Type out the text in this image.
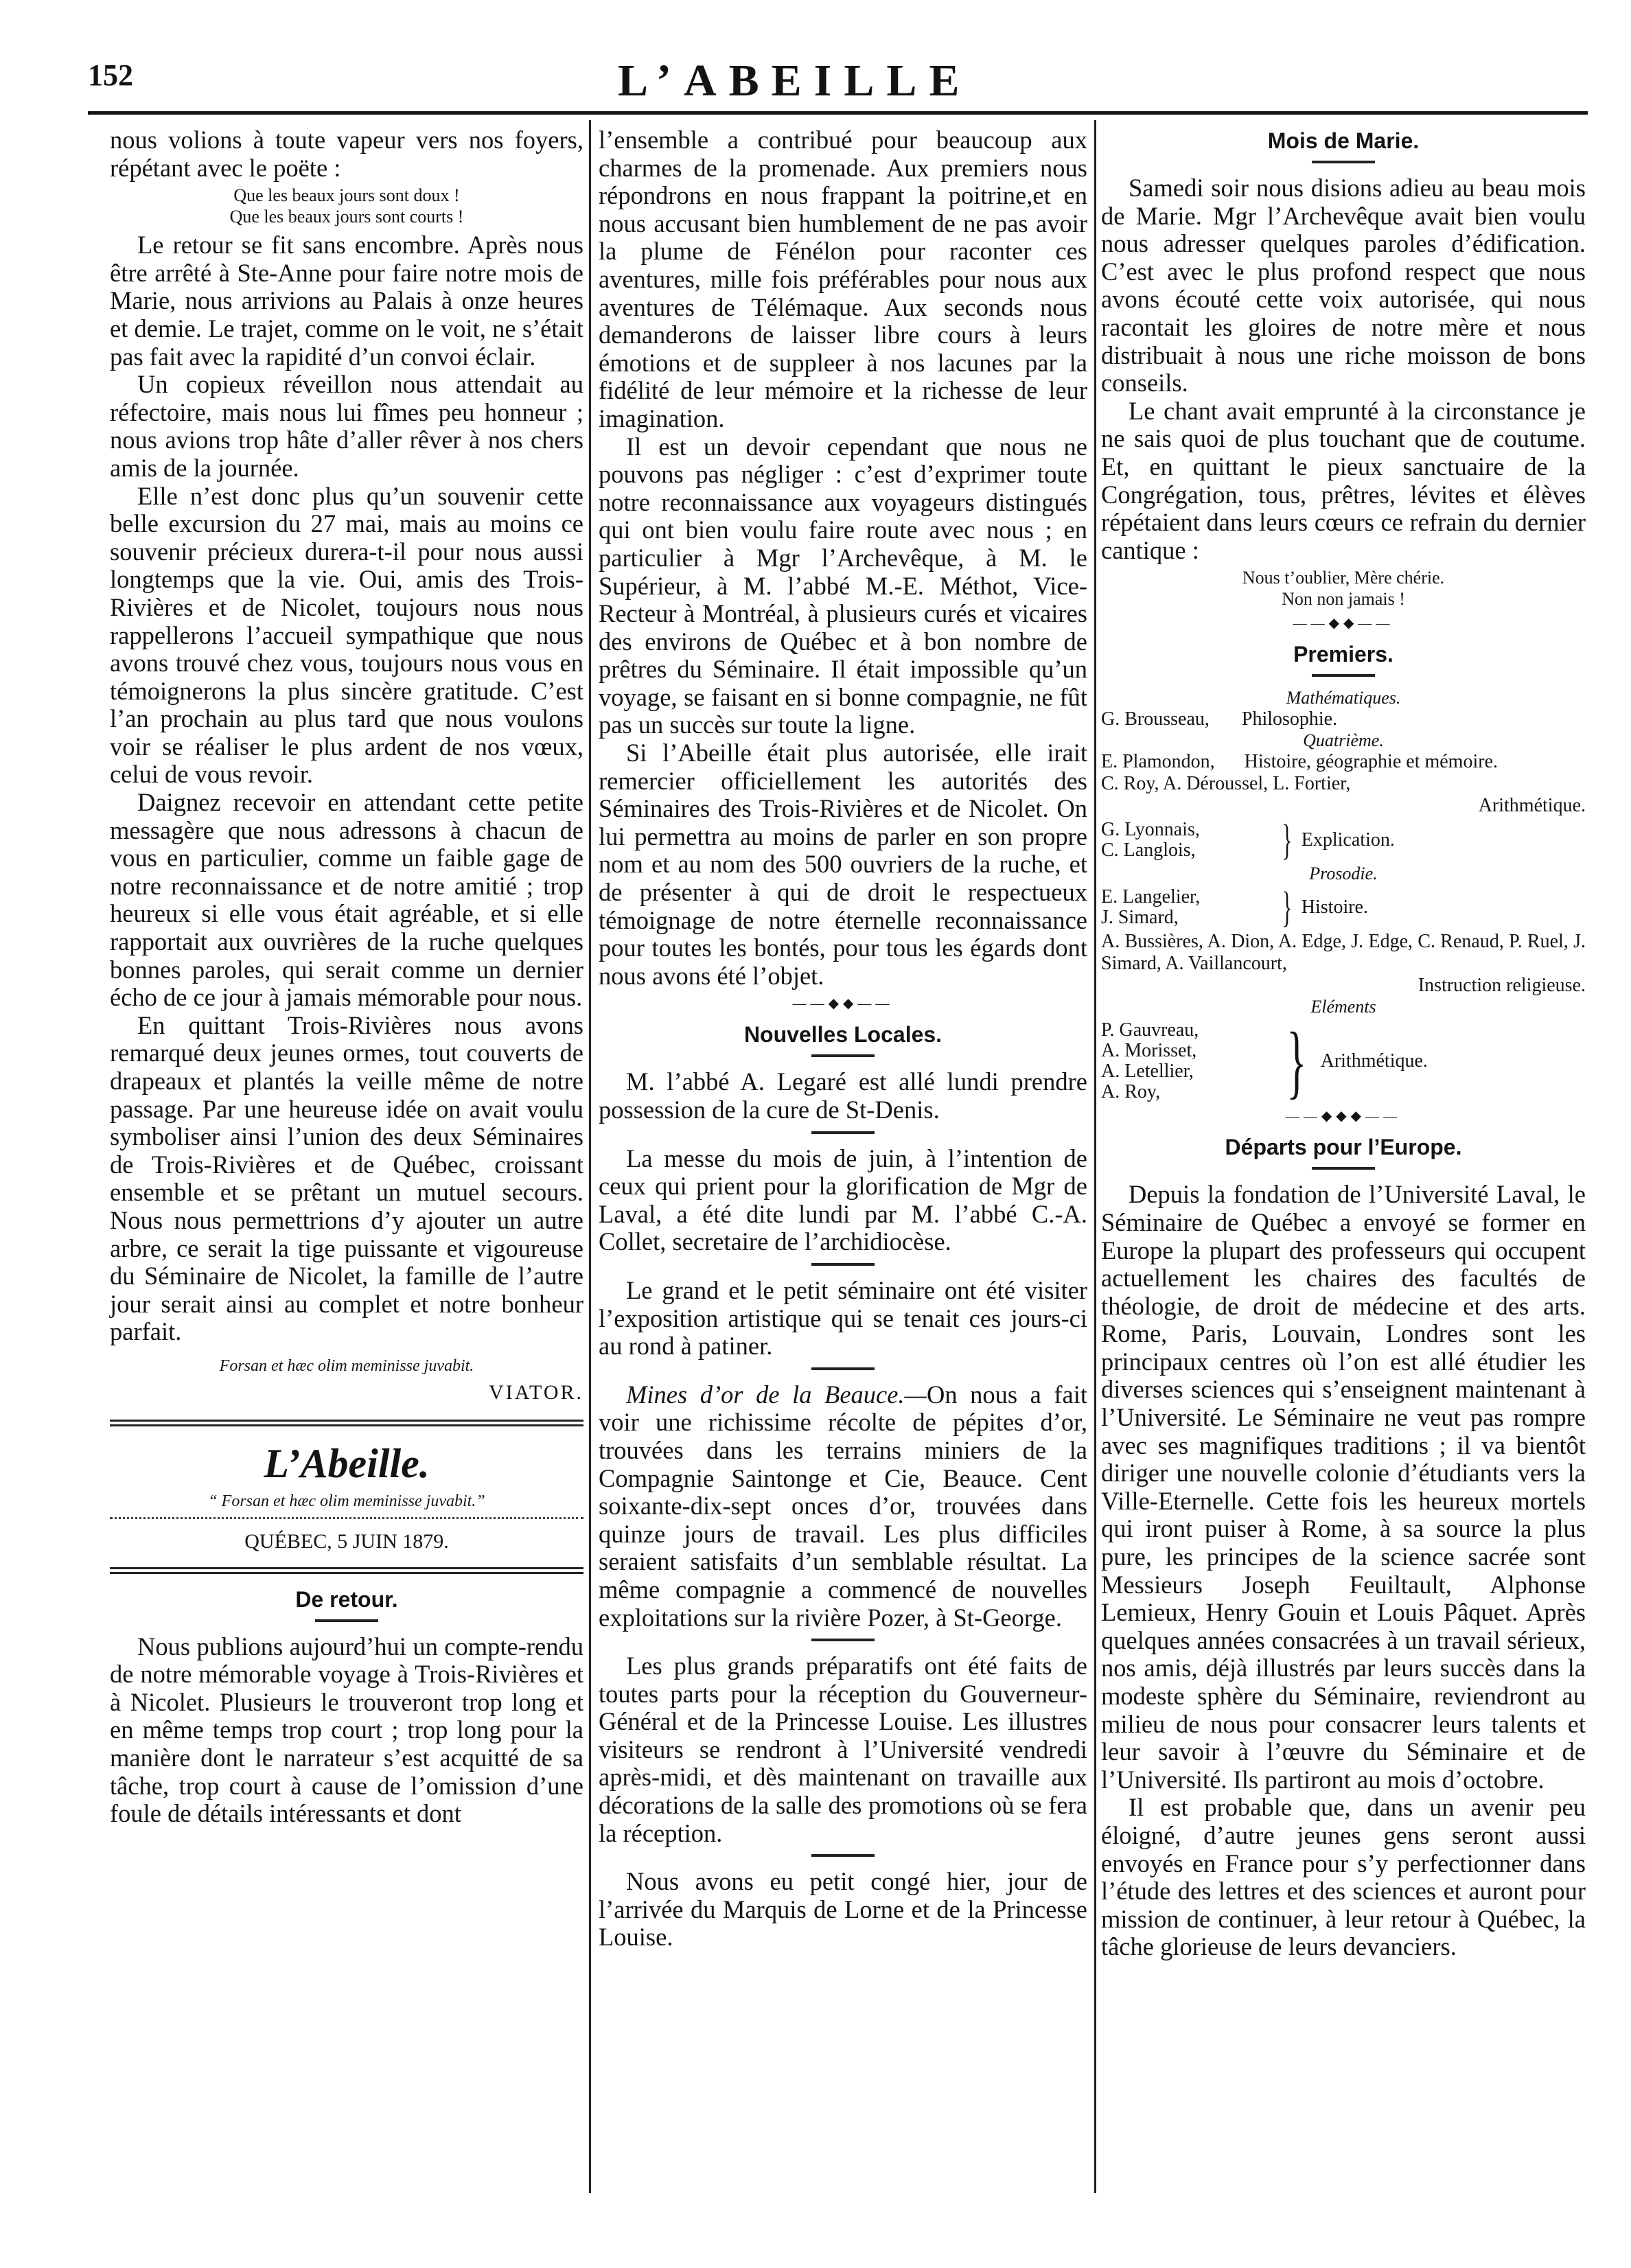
152	L’ABEILLE

nous volions à toute vapeur vers nos foyers, répétant avec le poëte :

Que les beaux jours sont doux !
Que les beaux jours sont courts !

Le retour se fit sans encombre. Après nous être arrêté à Ste-Anne pour faire notre mois de Marie, nous arrivions au Palais à onze heures et demie. Le trajet, comme on le voit, ne s’était pas fait avec la rapidité d’un convoi éclair.

Un copieux réveillon nous attendait au réfectoire, mais nous lui fîmes peu honneur ; nous avions trop hâte d’aller rêver à nos chers amis de la journée.

Elle n’est donc plus qu’un souvenir cette belle excursion du 27 mai, mais au moins ce souvenir précieux durera-t-il pour nous aussi longtemps que la vie. Oui, amis des Trois-Rivières et de Nicolet, toujours nous nous rappellerons l’accueil sympathique que nous avons trouvé chez vous, toujours nous vous en témoignerons la plus sincère gratitude. C’est l’an prochain au plus tard que nous voulons voir se réaliser le plus ardent de nos vœux, celui de vous revoir.

Daignez recevoir en attendant cette petite messagère que nous adressons à chacun de vous en particulier, comme un faible gage de notre reconnaissance et de notre amitié ; trop heureux si elle vous était agréable, et si elle rapportait aux ouvrières de la ruche quelques bonnes paroles, qui serait comme un dernier écho de ce jour à jamais mémorable pour nous.

En quittant Trois-Rivières nous avons remarqué deux jeunes ormes, tout couverts de drapeaux et plantés la veille même de notre passage. Par une heureuse idée on avait voulu symboliser ainsi l’union des deux Séminaires de Trois-Rivières et de Québec, croissant ensemble et se prêtant un mutuel secours. Nous nous permettrions d’y ajouter un autre arbre, ce serait la tige puissante et vigoureuse du Séminaire de Nicolet, la famille de l’autre jour serait ainsi au complet et notre bonheur parfait.

Forsan et hæc olim meminisse juvabit.
VIATOR.
L’Abeille.
“ Forsan et hæc olim meminisse juvabit.”
QUÉBEC, 5 JUIN 1879.
De retour.

Nous publions aujourd’hui un compte-rendu de notre mémorable voyage à Trois-Rivières et à Nicolet. Plusieurs le trouveront trop long et en même temps trop court ; trop long pour la manière dont le narrateur s’est acquitté de sa tâche, trop court à cause de l’omission d’une foule de détails intéressants et dont

l’ensemble a contribué pour beaucoup aux charmes de la promenade. Aux premiers nous répondrons en nous frappant la poitrine,et en nous accusant bien humblement de ne pas avoir la plume de Fénélon pour raconter ces aventures, mille fois préférables pour nous aux aventures de Télémaque. Aux seconds nous demanderons de laisser libre cours à leurs émotions et de suppleer à nos lacunes par la fidélité de leur mémoire et la richesse de leur imagination.

Il est un devoir cependant que nous ne pouvons pas négliger : c’est d’exprimer toute notre reconnaissance aux voyageurs distingués qui ont bien voulu faire route avec nous ; en particulier à Mgr l’Archevêque, à M. le Supérieur, à M. l’abbé M.-E. Méthot, Vice-Recteur à Montréal, à plusieurs curés et vicaires des environs de Québec et à bon nombre de prêtres du Séminaire. Il était impossible qu’un voyage, se faisant en si bonne compagnie, ne fût pas un succès sur toute la ligne.

Si l’Abeille était plus autorisée, elle irait remercier officiellement les autorités des Séminaires des Trois-Rivières et de Nicolet. On lui permettra au moins de parler en son propre nom et au nom des 500 ouvriers de la ruche, et de présenter à qui de droit le respectueux témoignage de notre éternelle reconnaissance pour toutes les bontés, pour tous les égards dont nous avons été l’objet.

——◆◆——
Nouvelles Locales.

M. l’abbé A. Legaré est allé lundi prendre possession de la cure de St-Denis.

La messe du mois de juin, à l’intention de ceux qui prient pour la glorification de Mgr de Laval, a été dite lundi par M. l’abbé C.-A. Collet, secretaire de l’archidiocèse.

Le grand et le petit séminaire ont été visiter l’exposition artistique qui se tenait ces jours-ci au rond à patiner.

Mines d’or de la Beauce.—On nous a fait voir une richissime récolte de pépites d’or, trouvées dans les terrains miniers de la Compagnie Saintonge et Cie, Beauce. Cent soixante-dix-sept onces d’or, trouvées dans quinze jours de travail. Les plus difficiles seraient satisfaits d’un semblable résultat. La même compagnie a commencé de nouvelles exploitations sur la rivière Pozer, à St-George.

Les plus grands préparatifs ont été faits de toutes parts pour la réception du Gouverneur-Général et de la Princesse Louise. Les illustres visiteurs se rendront à l’Université vendredi après-midi, et dès maintenant on travaille aux décorations de la salle des promotions où se fera la réception.

Nous avons eu petit congé hier, jour de l’arrivée du Marquis de Lorne et de la Princesse Louise.

Mois de Marie.

Samedi soir nous disions adieu au beau mois de Marie. Mgr l’Archevêque avait bien voulu nous adresser quelques paroles d’édification. C’est avec le plus profond respect que nous avons écouté cette voix autorisée, qui nous racontait les gloires de notre mère et nous distribuait à nous une riche moisson de bons conseils.

Le chant avait emprunté à la circonstance je ne sais quoi de plus touchant que de coutume. Et, en quittant le pieux sanctuaire de la Congrégation, tous, prêtres, lévites et élèves répétaient dans leurs cœurs ce refrain du dernier cantique :

Nous t’oublier, Mère chérie.
Non non jamais !
——◆◆——
Premiers.
Mathématiques.
G. Brousseau, Philosophie.
Quatrième.
E. Plamondon, Histoire, géographie et mémoire.
C. Roy, A. Déroussel, L. Fortier,
Arithmétique.
G. Lyonnais,
C. Langlois,	} Explication.
Prosodie.
E. Langelier,
J. Simard,	} Histoire.
A. Bussières, A. Dion, A. Edge, J. Edge, C. Renaud, P. Ruel, J. Simard, A. Vaillancourt,
Instruction religieuse.
Eléments
P. Gauvreau,
A. Morisset,
A. Letellier,
A. Roy,	} Arithmétique.
——◆◆◆——
Départs pour l’Europe.

Depuis la fondation de l’Université Laval, le Séminaire de Québec a envoyé se former en Europe la plupart des professeurs qui occupent actuellement les chaires des facultés de théologie, de droit de médecine et des arts. Rome, Paris, Louvain, Londres sont les principaux centres où l’on est allé étudier les diverses sciences qui s’enseignent maintenant à l’Université. Le Séminaire ne veut pas rompre avec ses magnifiques traditions ; il va bientôt diriger une nouvelle colonie d’étudiants vers la Ville-Eternelle. Cette fois les heureux mortels qui iront puiser à Rome, à sa source la plus pure, les principes de la science sacrée sont Messieurs Joseph Feuiltault, Alphonse Lemieux, Henry Gouin et Louis Pâquet. Après quelques années consacrées à un travail sérieux, nos amis, déjà illustrés par leurs succès dans la modeste sphère du Séminaire, reviendront au milieu de nous pour consacrer leurs talents et leur savoir à l’œuvre du Séminaire et de l’Université. Ils partiront au mois d’octobre.

Il est probable que, dans un avenir peu éloigné, d’autre jeunes gens seront aussi envoyés en France pour s’y perfectionner dans l’étude des lettres et des sciences et auront pour mission de continuer, à leur retour à Québec, la tâche glorieuse de leurs devanciers.
